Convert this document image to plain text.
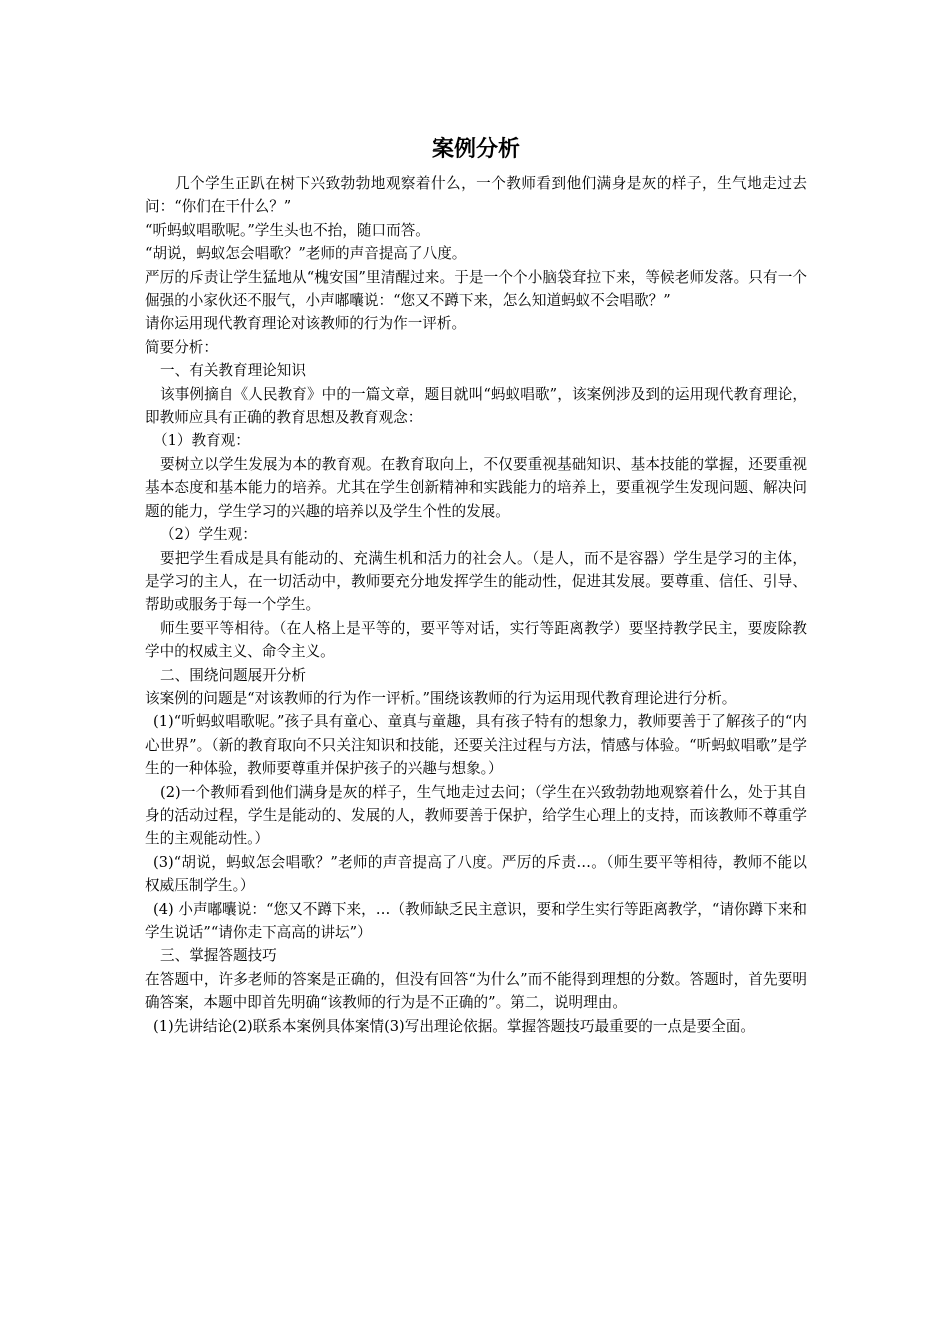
案例分析

几个学生正趴在树下兴致勃勃地观察着什么，一个教师看到他们满身是灰的样子，生气地走过去问：“你们在干什么？”

“听蚂蚁唱歌呢。”学生头也不抬，随口而答。

“胡说，蚂蚁怎会唱歌？”老师的声音提高了八度。

严厉的斥责让学生猛地从“槐安国”里清醒过来。于是一个个小脑袋耷拉下来，等候老师发落。只有一个倔强的小家伙还不服气，小声嘟囔说：“您又不蹲下来，怎么知道蚂蚁不会唱歌？”

请你运用现代教育理论对该教师的行为作一评析。

简要分析：

一、有关教育理论知识

该事例摘自《人民教育》中的一篇文章，题目就叫“蚂蚁唱歌”，该案例涉及到的运用现代教育理论，即教师应具有正确的教育思想及教育观念：

（1）教育观：

要树立以学生发展为本的教育观。在教育取向上，不仅要重视基础知识、基本技能的掌握，还要重视基本态度和基本能力的培养。尤其在学生创新精神和实践能力的培养上，要重视学生发现问题、解决问题的能力，学生学习的兴趣的培养以及学生个性的发展。

（2）学生观：

要把学生看成是具有能动的、充满生机和活力的社会人。（是人，而不是容器）学生是学习的主体，是学习的主人，在一切活动中，教师要充分地发挥学生的能动性，促进其发展。要尊重、信任、引导、帮助或服务于每一个学生。

师生要平等相待。（在人格上是平等的，要平等对话，实行等距离教学）要坚持教学民主，要废除教学中的权威主义、命令主义。

二、围绕问题展开分析

该案例的问题是“对该教师的行为作一评析。”围绕该教师的行为运用现代教育理论进行分析。

(1)“听蚂蚁唱歌呢。”孩子具有童心、童真与童趣，具有孩子特有的想象力，教师要善于了解孩子的“内心世界”。（新的教育取向不只关注知识和技能，还要关注过程与方法，情感与体验。“听蚂蚁唱歌”是学生的一种体验，教师要尊重并保护孩子的兴趣与想象。）

(2)一个教师看到他们满身是灰的样子，生气地走过去问；（学生在兴致勃勃地观察着什么，处于其自身的活动过程，学生是能动的、发展的人，教师要善于保护，给学生心理上的支持，而该教师不尊重学生的主观能动性。）

(3)“胡说，蚂蚁怎会唱歌？”老师的声音提高了八度。严厉的斥责…。（师生要平等相待，教师不能以权威压制学生。）

(4) 小声嘟囔说：“您又不蹲下来，…（教师缺乏民主意识，要和学生实行等距离教学，“请你蹲下来和学生说话”“请你走下高高的讲坛”）

三、掌握答题技巧

在答题中，许多老师的答案是正确的，但没有回答“为什么”而不能得到理想的分数。答题时，首先要明确答案，本题中即首先明确“该教师的行为是不正确的”。第二，说明理由。

(1)先讲结论(2)联系本案例具体案情(3)写出理论依据。掌握答题技巧最重要的一点是要全面。
